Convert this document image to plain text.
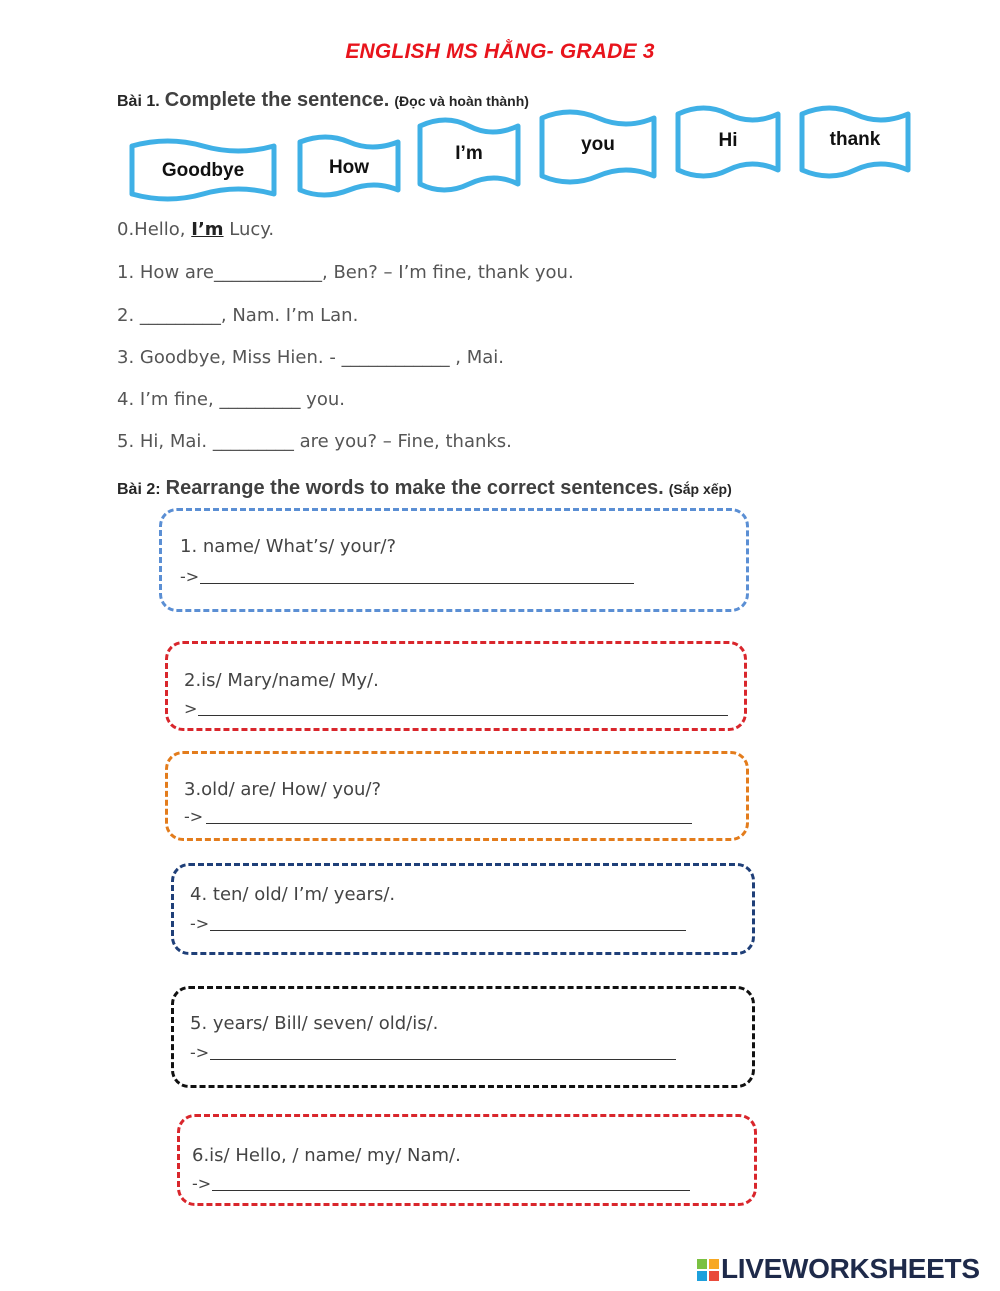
ENGLISH MS HẰNG- GRADE 3
Bài 1. Complete the sentence. (Đọc và hoàn thành)
Goodbye	How
I’m	you	Hi	thank
0.Hello, I’m Lucy.
1. How are____________, Ben? – I’m fine, thank you.
2. _________, Nam. I’m Lan.
3. Goodbye, Miss Hien. - ____________ , Mai.
4. I’m fine, _________ you.
5. Hi, Mai. _________ are you? – Fine, thanks.
Bài 2: Rearrange the words to make the correct sentences. (Sắp xếp)
1. name/ What’s/ your/?
->
2.is/ Mary/name/ My/.
>
3.old/ are/ How/ you/?
->
4. ten/ old/ I’m/ years/.
->
5. years/ Bill/ seven/ old/is/.
->
6.is/ Hello, / name/ my/ Nam/.
->
LIVEWORKSHEETS
